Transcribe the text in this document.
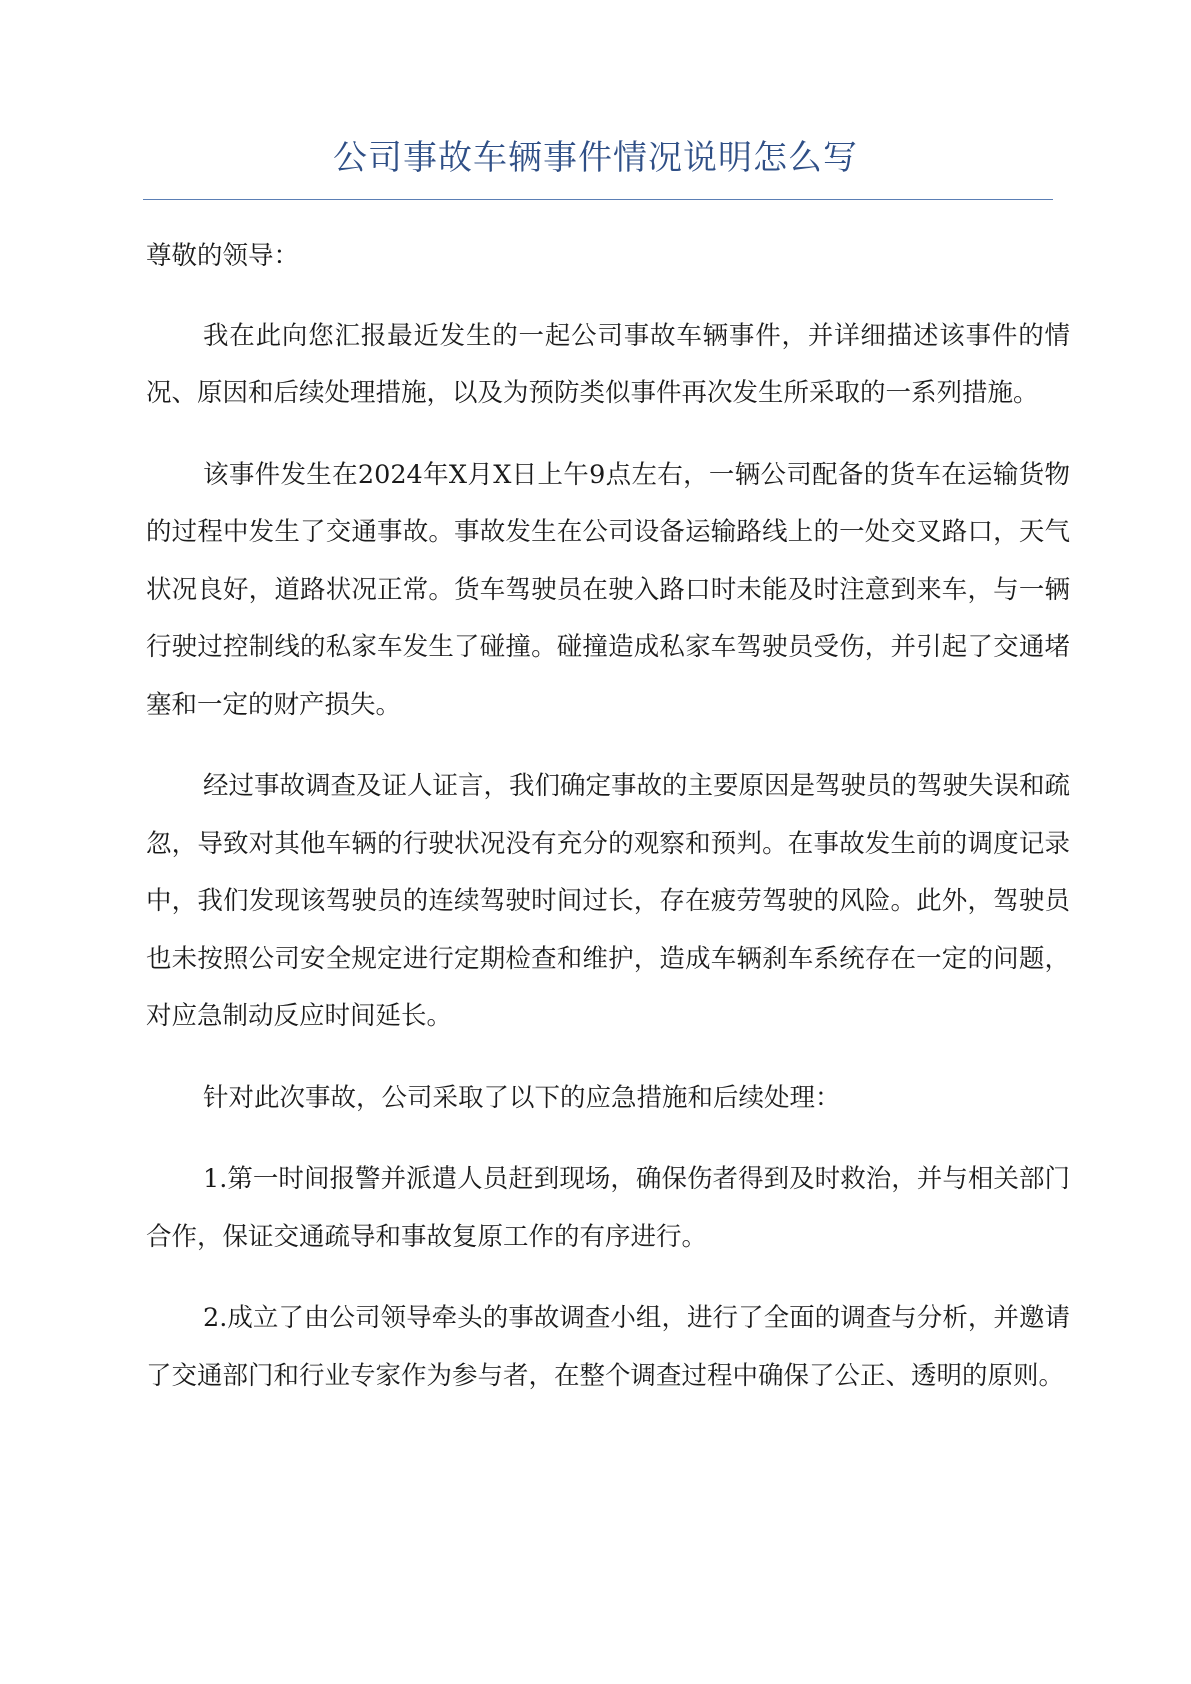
公司事故车辆事件情况说明怎么写

尊敬的领导：

我在此向您汇报最近发生的一起公司事故车辆事件，并详细描述该事件的情况、原因和后续处理措施，以及为预防类似事件再次发生所采取的一系列措施。

该事件发生在2024年X月X日上午9点左右，一辆公司配备的货车在运输货物的过程中发生了交通事故。事故发生在公司设备运输路线上的一处交叉路口，天气状况良好，道路状况正常。货车驾驶员在驶入路口时未能及时注意到来车，与一辆行驶过控制线的私家车发生了碰撞。碰撞造成私家车驾驶员受伤，并引起了交通堵塞和一定的财产损失。

经过事故调查及证人证言，我们确定事故的主要原因是驾驶员的驾驶失误和疏忽，导致对其他车辆的行驶状况没有充分的观察和预判。在事故发生前的调度记录中，我们发现该驾驶员的连续驾驶时间过长，存在疲劳驾驶的风险。此外，驾驶员也未按照公司安全规定进行定期检查和维护，造成车辆刹车系统存在一定的问题，对应急制动反应时间延长。

针对此次事故，公司采取了以下的应急措施和后续处理：

1.第一时间报警并派遣人员赶到现场，确保伤者得到及时救治，并与相关部门合作，保证交通疏导和事故复原工作的有序进行。

2.成立了由公司领导牵头的事故调查小组，进行了全面的调查与分析，并邀请了交通部门和行业专家作为参与者，在整个调查过程中确保了公正、透明的原则。
